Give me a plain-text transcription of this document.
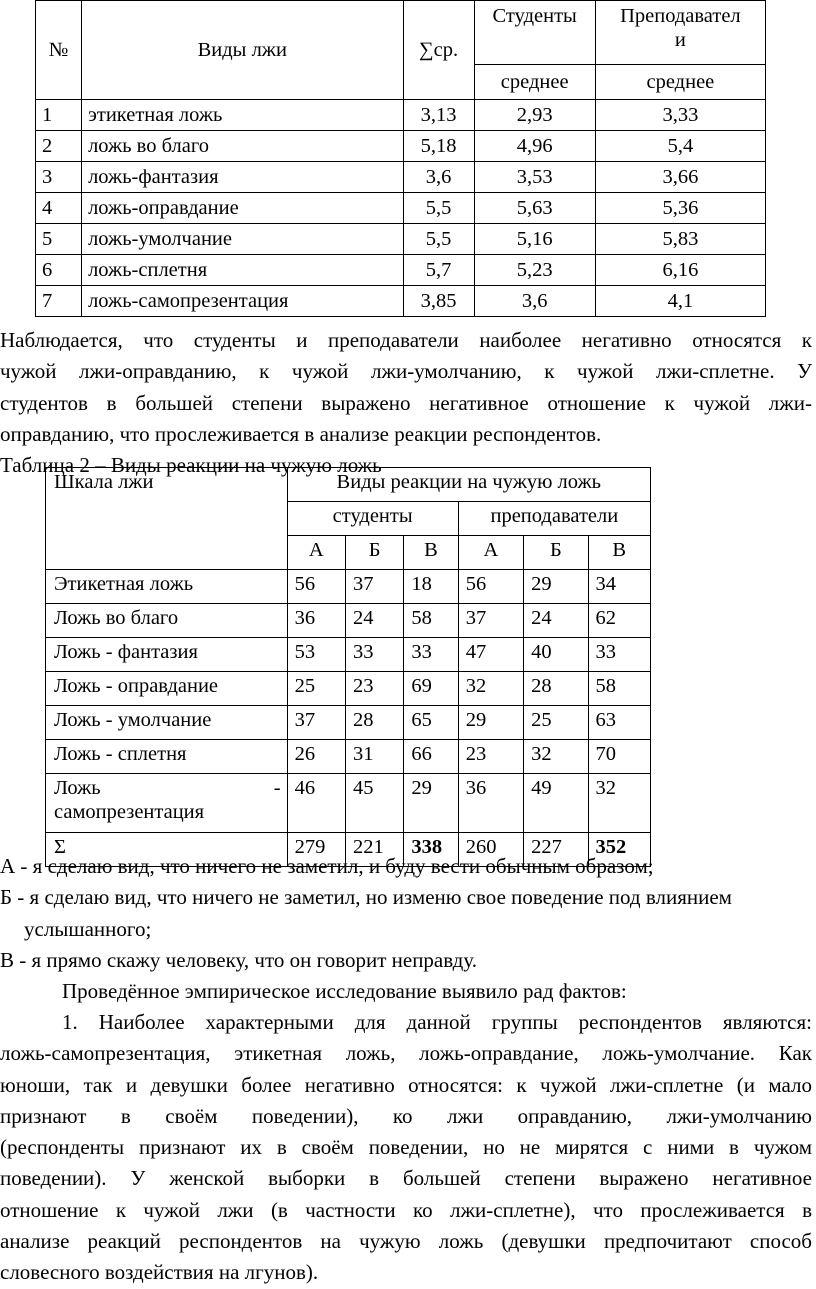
№	Виды лжи	∑ср.	Студенты	Преподавател
и
			среднее	среднее
1	этикетная ложь	3,13	2,93	3,33
2	ложь во благо	5,18	4,96	5,4
3	ложь-фантазия	3,6	3,53	3,66
4	ложь-оправдание	5,5	5,63	5,36
5	ложь-умолчание	5,5	5,16	5,83
6	ложь-сплетня	5,7	5,23	6,16
7	ложь-самопрезентация	3,85	3,6	4,1
Наблюдается, что студенты и преподаватели наиболее негативно относятся к
чужой лжи-оправданию, к чужой лжи-умолчанию, к чужой лжи-сплетне. У
студентов в большей степени выражено негативное отношение к чужой лжи-
оправданию, что прослеживается в анализе реакции респондентов.
Таблица 2 – Виды реакции на чужую ложь
Шкала лжи	Виды реакции на чужую ложь					
	студенты			преподаватели		
	А	Б	В	А	Б	В
Этикетная ложь	56	37	18	56	29	34
Ложь во благо	36	24	58	37	24	62
Ложь - фантазия	53	33	33	47	40	33
Ложь - оправдание	25	23	69	32	28	58
Ложь - умолчание	37	28	65	29	25	63
Ложь - сплетня	26	31	66	23	32	70

Ложь -
самопрезентация	46	45	29	36	49	32
Σ	279	221	338	260	227	352
А - я сделаю вид, что ничего не заметил, и буду вести обычным образом;
Б - я сделаю вид, что ничего не заметил, но изменю свое поведение под влиянием
услышанного;
В - я прямо скажу человеку, что он говорит неправду.
Проведённое эмпирическое исследование выявило рад фактов:
1. Наиболее характерными для данной группы респондентов являются:
ложь-самопрезентация, этикетная ложь, ложь-оправдание, ложь-умолчание. Как
юноши, так и девушки более негативно относятся: к чужой лжи-сплетне (и мало
признают в своём поведении), ко лжи оправданию, лжи-умолчанию
(респонденты признают их в своём поведении, но не мирятся с ними в чужом
поведении). У женской выборки в большей степени выражено негативное
отношение к чужой лжи (в частности ко лжи-сплетне), что прослеживается в
анализе реакций респондентов на чужую ложь (девушки предпочитают способ
словесного воздействия на лгунов).
